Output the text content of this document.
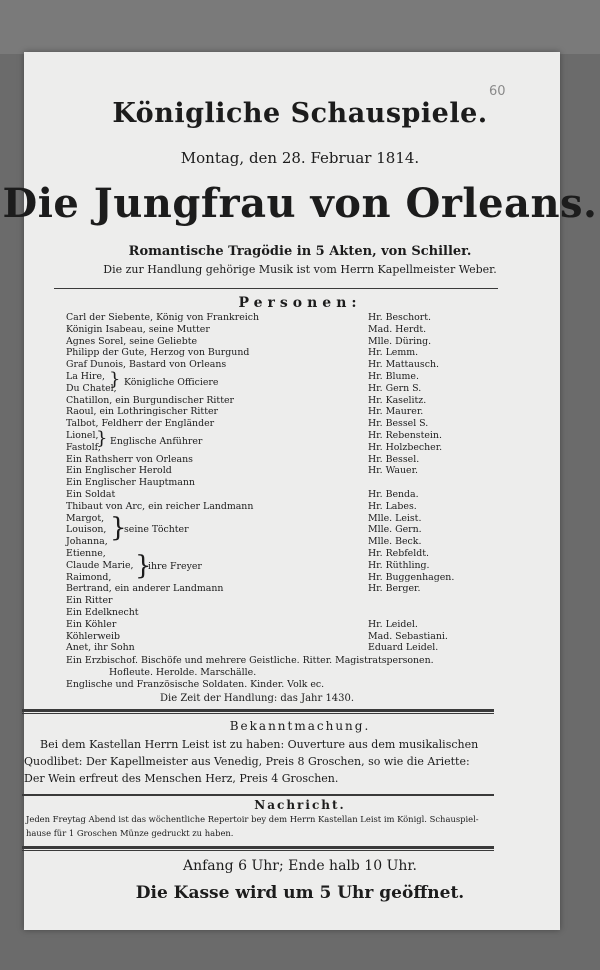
60
Königliche Schauspiele.
Montag, den 28. Februar 1814.
Die Jungfrau von Orleans.
Romantische Tragödie in 5 Akten, von Schiller.
Die zur Handlung gehörige Musik ist vom Herrn Kapellmeister Weber.
Personen:
Carl der Siebente, König von Frankreich	Hr. Beschort.
Königin Isabeau, seine Mutter	Mad. Herdt.
Agnes Sorel, seine Geliebte	Mlle. Düring.
Philipp der Gute, Herzog von Burgund	Hr. Lemm.
Graf Dunois, Bastard von Orleans	Hr. Mattausch.
La Hire,	Hr. Blume.
Du Chatel,	Hr. Gern S.
Chatillon, ein Burgundischer Ritter	Hr. Kaselitz.
Raoul, ein Lothringischer Ritter	Hr. Maurer.
Talbot, Feldherr der Engländer	Hr. Bessel S.
Lionel,	Hr. Rebenstein.
Fastolf,	Hr. Holzbecher.
Ein Rathsherr von Orleans	Hr. Bessel.
Ein Englischer Herold	Hr. Wauer.
Ein Englischer Hauptmann
Ein Soldat	Hr. Benda.
Thibaut von Arc, ein reicher Landmann	Hr. Labes.
Margot,	Mlle. Leist.
Louison,	Mlle. Gern.
Johanna,	Mlle. Beck.
Etienne,	Hr. Rebfeldt.
Claude Marie,	Hr. Rüthling.
Raimond,	Hr. Buggenhagen.
Bertrand, ein anderer Landmann	Hr. Berger.
Ein Ritter
Ein Edelknecht
Ein Köhler	Hr. Leidel.
Köhlerweib	Mad. Sebastiani.
Anet, ihr Sohn	Eduard Leidel.
} Königliche Officiere
} Englische Anführer
}
seine Töchter
}
ihre Freyer
Ein Erzbischof. Bischöfe und mehrere Geistliche. Ritter. Magistratspersonen.
Hofleute. Herolde. Marschälle.
Englische und Französische Soldaten. Kinder. Volk ec.
Die Zeit der Handlung: das Jahr 1430.
Bekanntmachung.
Bei dem Kastellan Herrn Leist ist zu haben: Ouverture aus dem musikalischen
Quodlibet: Der Kapellmeister aus Venedig, Preis 8 Groschen, so wie die Ariette:
Der Wein erfreut des Menschen Herz, Preis 4 Groschen.
Nachricht.
Jeden Freytag Abend ist das wöchentliche Repertoir bey dem Herrn Kastellan Leist im Königl. Schauspiel-
hause für 1 Groschen Münze gedruckt zu haben.
Anfang 6 Uhr; Ende halb 10 Uhr.
Die Kasse wird um 5 Uhr geöffnet.
